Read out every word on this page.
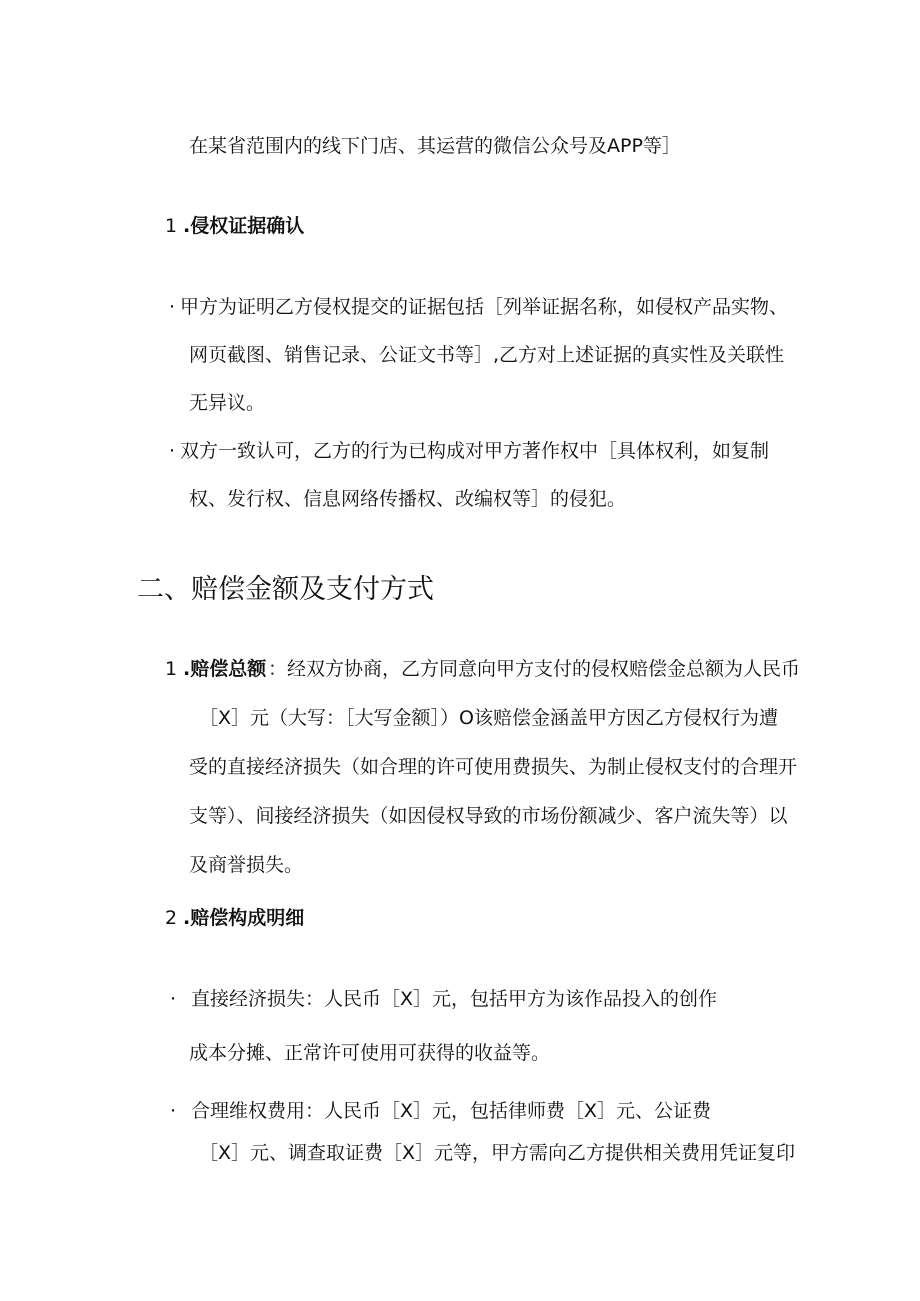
在某省范围内的线下门店、其运营的微信公众号及APP等］
1 .侵权证据确认
· 甲方为证明乙方侵权提交的证据包括［列举证据名称，如侵权产品实物、
网页截图、销售记录、公证文书等］,乙方对上述证据的真实性及关联性
无异议。
· 双方一致认可，乙方的行为已构成对甲方著作权中［具体权利，如复制
权、发行权、信息网络传播权、改编权等］的侵犯。
二、赔偿金额及支付方式
1 .赔偿总额 ：经双方协商，乙方同意向甲方支付的侵权赔偿金总额为人民币
［X］元（大写：［大写金额］）O该赔偿金涵盖甲方因乙方侵权行为遭
受的直接经济损失（如合理的许可使用费损失、为制止侵权支付的合理开
支等）、间接经济损失（如因侵权导致的市场份额减少、客户流失等）以
及商誉损失。
2 .赔偿构成明细
· 直接经济损失：人民币［X］元，包括甲方为该作品投入的创作
成本分摊、正常许可使用可获得的收益等。
· 合理维权费用：人民币［X］元，包括律师费［X］元、公证费
［X］元、调查取证费［X］元等，甲方需向乙方提供相关费用凭证复印
